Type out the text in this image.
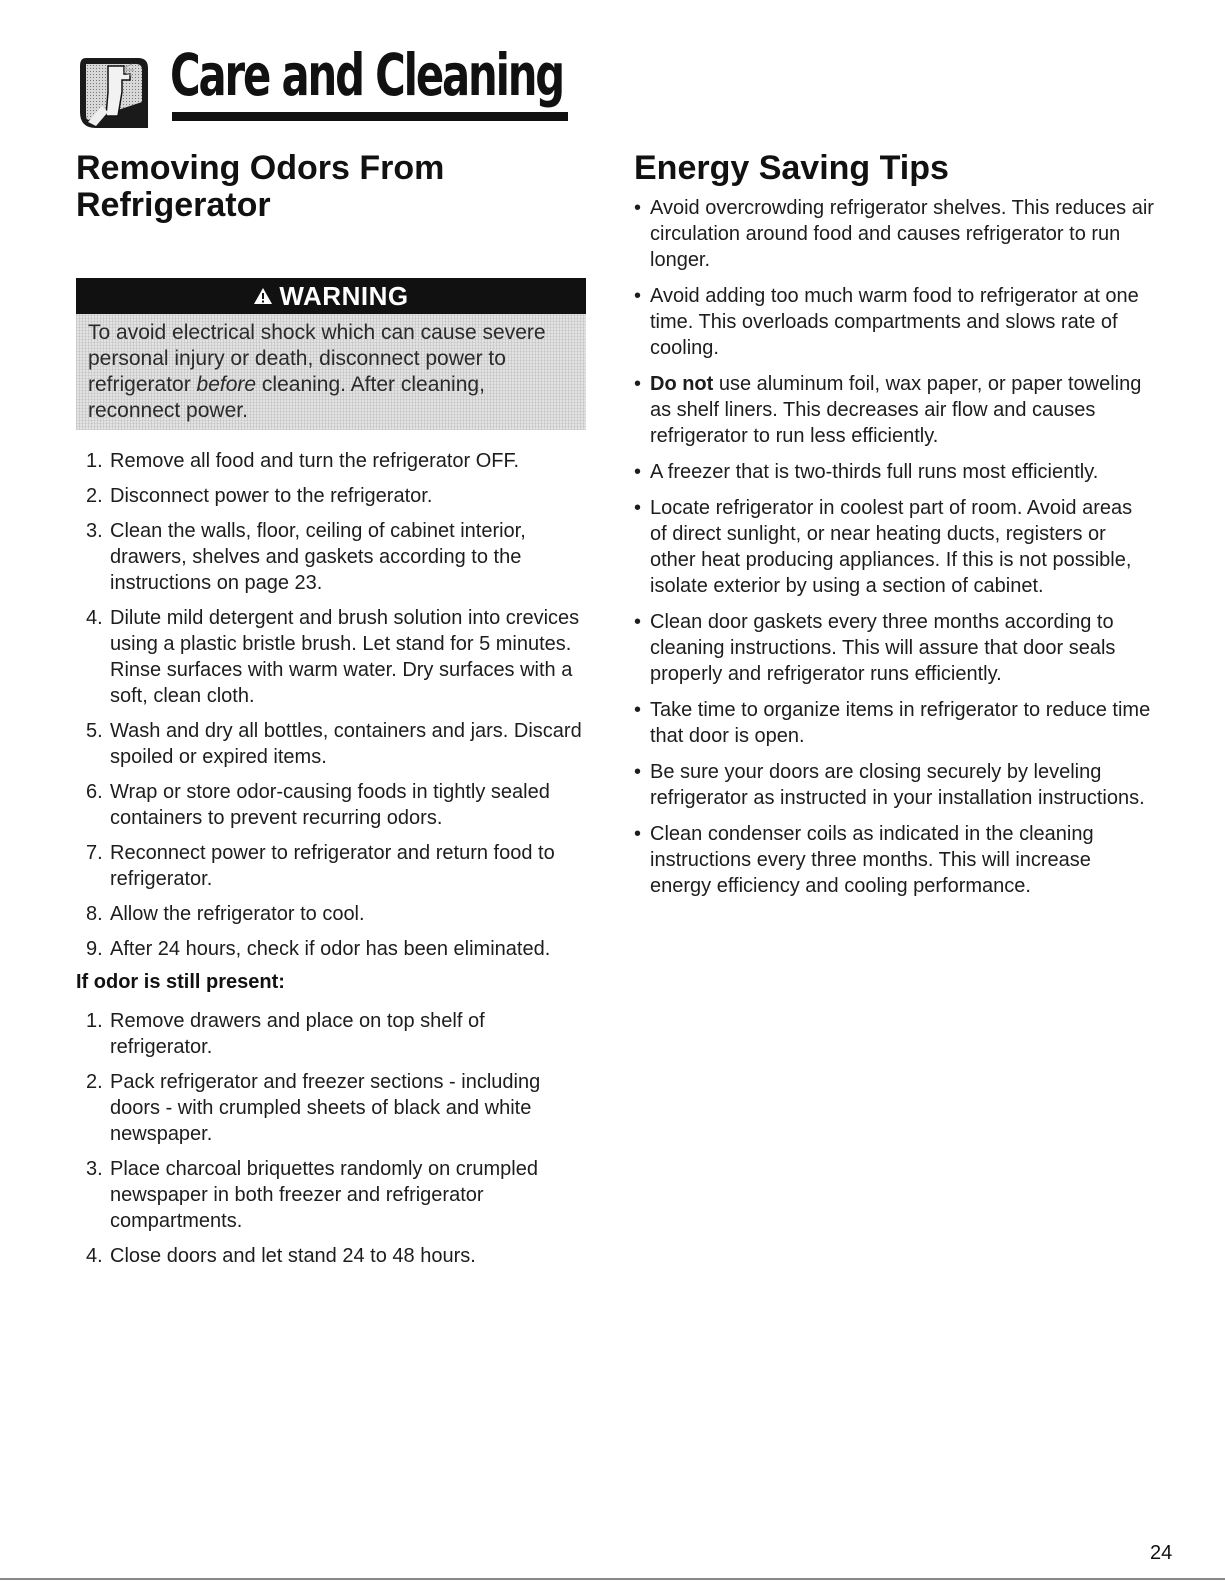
Care and Cleaning
Removing Odors From Refrigerator
WARNING
To avoid electrical shock which can cause severe personal injury or death, disconnect power to refrigerator before cleaning. After cleaning, reconnect power.
1. Remove all food and turn the refrigerator OFF.
2. Disconnect power to the refrigerator.
3. Clean the walls, floor, ceiling of cabinet interior, drawers, shelves and gaskets according to the instructions on page 23.
4. Dilute mild detergent and brush solution into crevices using a plastic bristle brush. Let stand for 5 minutes. Rinse surfaces with warm water. Dry surfaces with a soft, clean cloth.
5. Wash and dry all bottles, containers and jars. Discard spoiled or expired items.
6. Wrap or store odor-causing foods in tightly sealed containers to prevent recurring odors.
7. Reconnect power to refrigerator and return food to refrigerator.
8. Allow the refrigerator to cool.
9. After 24 hours, check if odor has been eliminated.
If odor is still present:
1. Remove drawers and place on top shelf of refrigerator.
2. Pack refrigerator and freezer sections - including doors - with crumpled sheets of black and white newspaper.
3. Place charcoal briquettes randomly on crumpled newspaper in both freezer and refrigerator compartments.
4. Close doors and let stand 24 to 48 hours.
Energy Saving Tips
• Avoid overcrowding refrigerator shelves. This reduces air circulation around food and causes refrigerator to run longer.
• Avoid adding too much warm food to refrigerator at one time. This overloads compartments and slows rate of cooling.
• Do not use aluminum foil, wax paper, or paper toweling as shelf liners. This decreases air flow and causes refrigerator to run less efficiently.
• A freezer that is two-thirds full runs most efficiently.
• Locate refrigerator in coolest part of room. Avoid areas of direct sunlight, or near heating ducts, registers or other heat producing appliances. If this is not possible, isolate exterior by using a section of cabinet.
• Clean door gaskets every three months according to cleaning instructions. This will assure that door seals properly and refrigerator runs efficiently.
• Take time to organize items in refrigerator to reduce time that door is open.
• Be sure your doors are closing securely by leveling refrigerator as instructed in your installation instructions.
• Clean condenser coils as indicated in the cleaning instructions every three months. This will increase energy efficiency and cooling performance.
24
